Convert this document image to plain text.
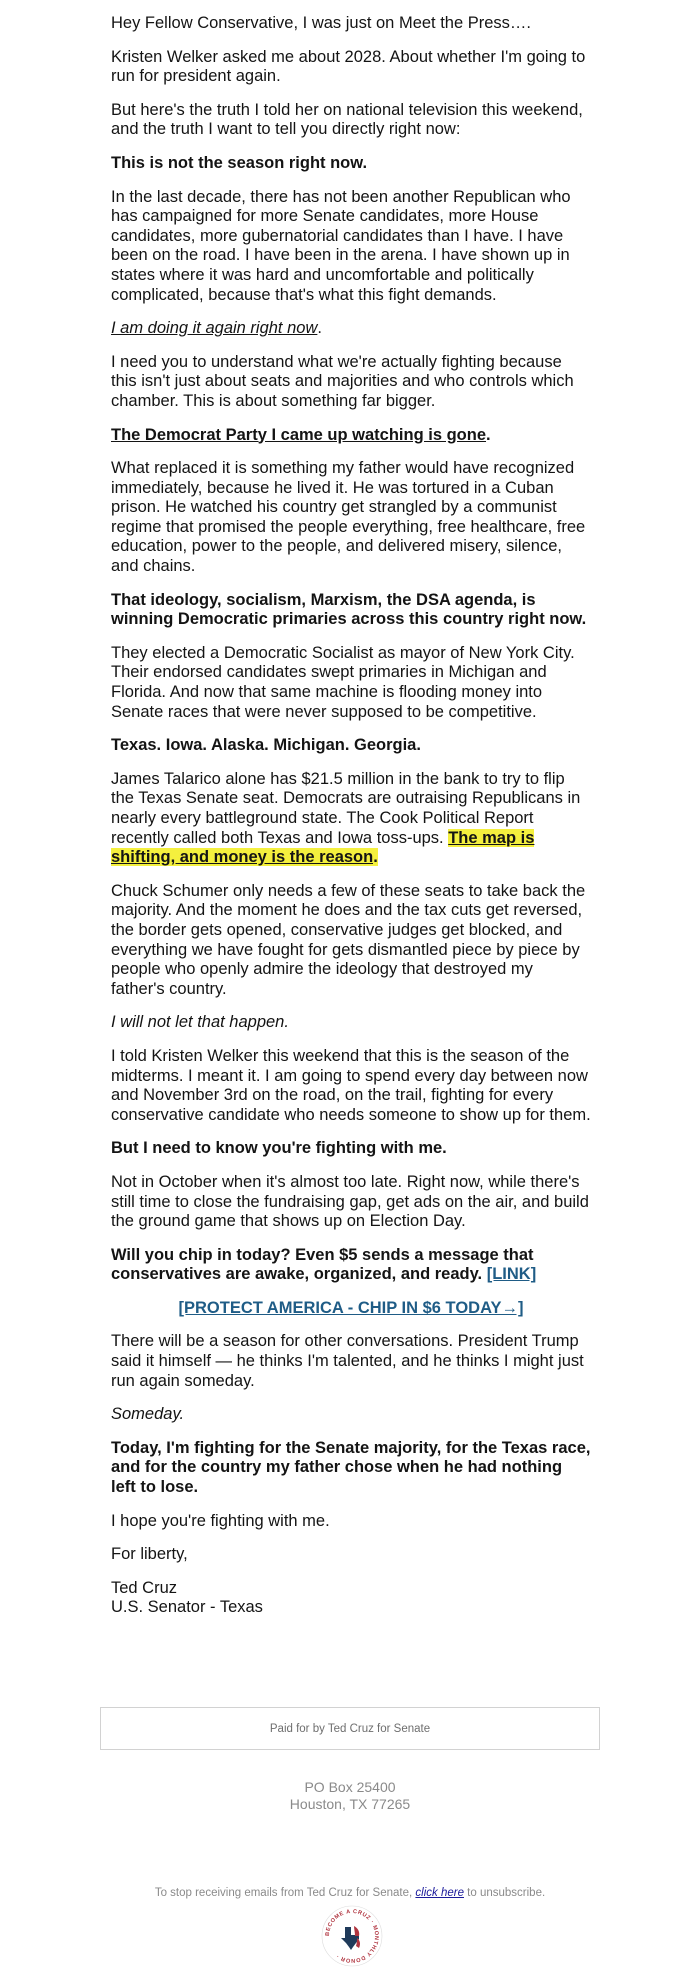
Hey Fellow Conservative, I was just on Meet the Press….

Kristen Welker asked me about 2028. About whether I'm going to run for president again.

But here's the truth I told her on national television this weekend, and the truth I want to tell you directly right now:

This is not the season right now.

In the last decade, there has not been another Republican who has campaigned for more Senate candidates, more House candidates, more gubernatorial candidates than I have. I have been on the road. I have been in the arena. I have shown up in states where it was hard and uncomfortable and politically complicated, because that's what this fight demands.

I am doing it again right now.

I need you to understand what we're actually fighting because this isn't just about seats and majorities and who controls which chamber. This is about something far bigger.

The Democrat Party I came up watching is gone.

What replaced it is something my father would have recognized immediately, because he lived it. He was tortured in a Cuban prison. He watched his country get strangled by a communist regime that promised the people everything, free healthcare, free education, power to the people, and delivered misery, silence, and chains.

That ideology, socialism, Marxism, the DSA agenda, is winning Democratic primaries across this country right now.

They elected a Democratic Socialist as mayor of New York City. Their endorsed candidates swept primaries in Michigan and Florida. And now that same machine is flooding money into Senate races that were never supposed to be competitive.

Texas. Iowa. Alaska. Michigan. Georgia.

James Talarico alone has $21.5 million in the bank to try to flip the Texas Senate seat. Democrats are outraising Republicans in nearly every battleground state. The Cook Political Report recently called both Texas and Iowa toss-ups. The map is shifting, and money is the reason.

Chuck Schumer only needs a few of these seats to take back the majority. And the moment he does and the tax cuts get reversed, the border gets opened, conservative judges get blocked, and everything we have fought for gets dismantled piece by piece by people who openly admire the ideology that destroyed my father's country.

I will not let that happen.

I told Kristen Welker this weekend that this is the season of the midterms. I meant it. I am going to spend every day between now and November 3rd on the road, on the trail, fighting for every conservative candidate who needs someone to show up for them.

But I need to know you're fighting with me.

Not in October when it's almost too late. Right now, while there's still time to close the fundraising gap, get ads on the air, and build the ground game that shows up on Election Day.

Will you chip in today? Even $5 sends a message that conservatives are awake, organized, and ready. [LINK]

[PROTECT AMERICA - CHIP IN $6 TODAY→]

There will be a season for other conversations. President Trump said it himself — he thinks I'm talented, and he thinks I might just run again someday.

Someday.

Today, I'm fighting for the Senate majority, for the Texas race, and for the country my father chose when he had nothing left to lose.

I hope you're fighting with me.

For liberty,

Ted Cruz

U.S. Senator - Texas

Paid for by Ted Cruz for Senate
PO Box 25400
Houston, TX 77265
To stop receiving emails from Ted Cruz for Senate, click here to unsubscribe.
BECOME A CRUZ · MONTHLY DONOR ·
